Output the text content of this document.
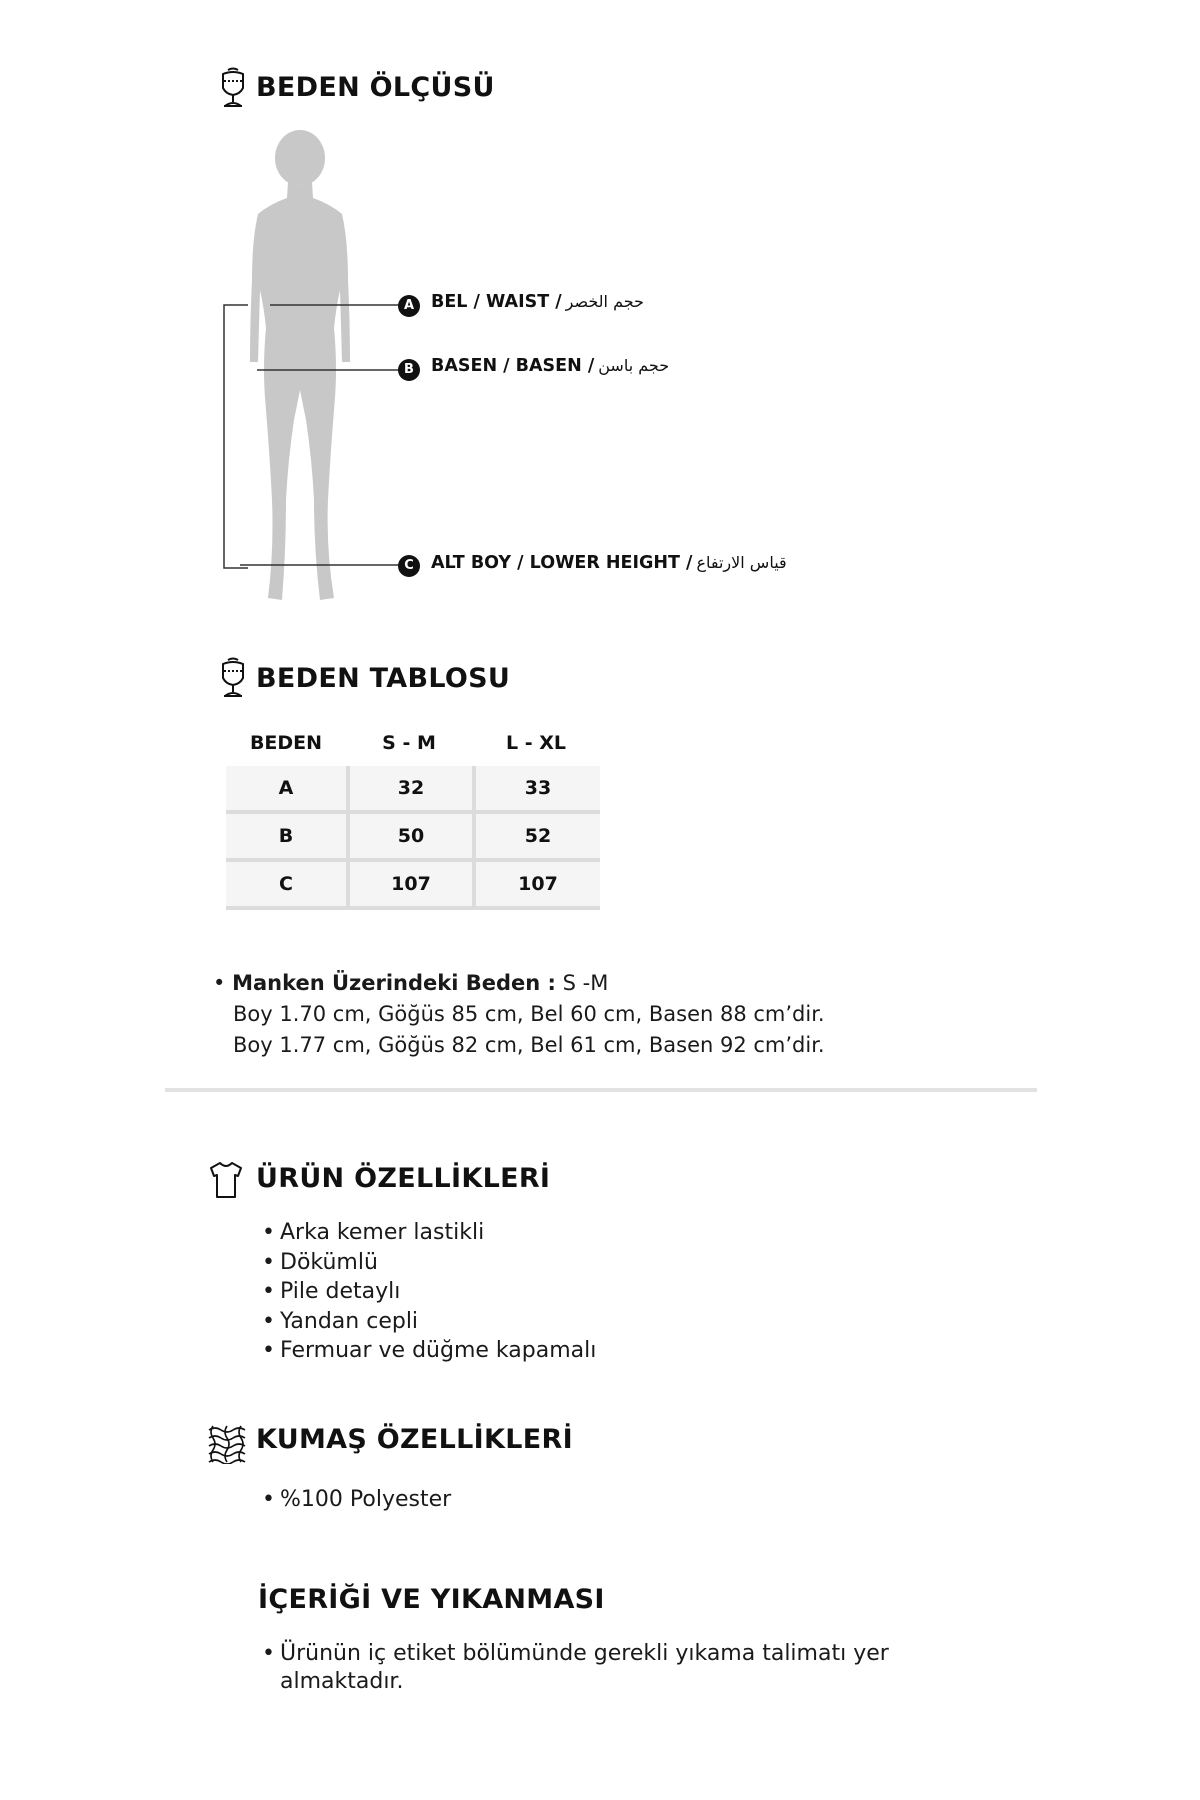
BEDEN ÖLÇÜSÜ
A BEL / WAIST / حجم الخصر
B BASEN / BASEN / حجم باسن
C ALT BOY / LOWER HEIGHT / قياس الارتفاع
BEDEN TABLOSU
BEDEN	S - M	L - XL
A	32	33
B	50	52
C	107	107
• Manken Üzerindeki Beden : S -M
Boy 1.70 cm, Göğüs 85 cm, Bel 60 cm, Basen 88 cm’dir.
Boy 1.77 cm, Göğüs 82 cm, Bel 61 cm, Basen 92 cm’dir.
ÜRÜN ÖZELLİKLERİ
• Arka kemer lastikli
• Dökümlü
• Pile detaylı
• Yandan cepli
• Fermuar ve düğme kapamalı
KUMAŞ ÖZELLİKLERİ
• %100 Polyester
İÇERİĞİ VE YIKANMASI
• Ürünün iç etiket bölümünde gerekli yıkama talimatı yer almaktadır.
